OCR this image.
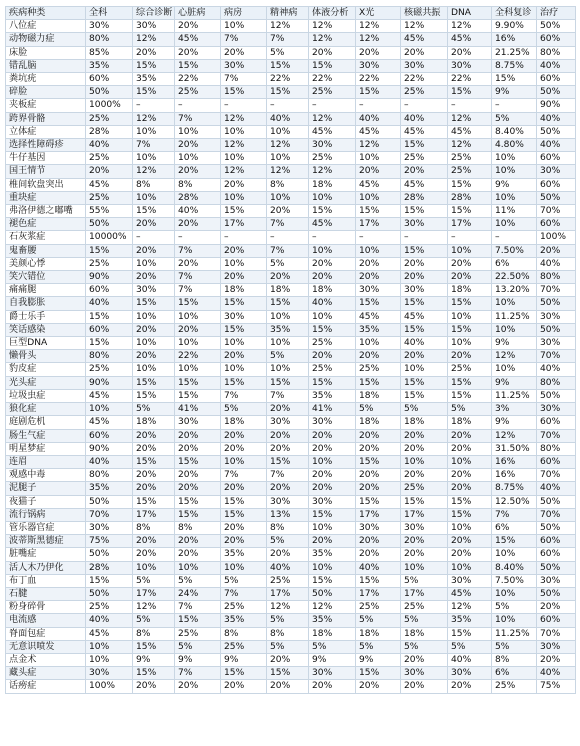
疾病种类	全科	综合诊断	心脏病	病房	精神病	体液分析	X光	核磁共振	DNA	全科复诊	治疗
八位症	30%	30%	20%	10%	12%	12%	12%	12%	12%	9.90%	50%
动物磁力症	80%	12%	45%	7%	7%	12%	12%	45%	45%	16%	60%
床脸	85%	20%	20%	20%	5%	20%	20%	20%	20%	21.25%	80%
错乱脑	35%	15%	15%	30%	15%	15%	30%	30%	30%	8.75%	40%
粪坑疣	60%	35%	22%	7%	22%	22%	22%	22%	22%	15%	60%
碎脸	50%	15%	25%	15%	15%	25%	15%	25%	15%	9%	50%
夹板症	1000%	–	–	–	–	–	–	–	–	–	90%
跨界骨骼	25%	12%	7%	12%	40%	12%	40%	40%	12%	5%	40%
立体症	28%	10%	10%	10%	10%	45%	45%	45%	45%	8.40%	50%
选择性障碍疹	40%	7%	20%	12%	12%	30%	12%	15%	12%	4.80%	40%
牛仔基因	25%	10%	10%	10%	10%	25%	10%	25%	25%	10%	60%
国王情节	20%	12%	20%	12%	12%	12%	20%	20%	25%	10%	30%
椎间软盘突出	45%	8%	8%	20%	8%	18%	45%	45%	15%	9%	60%
重块症	25%	10%	28%	10%	10%	10%	10%	28%	28%	10%	50%
弗洛伊德之嘟嘴	55%	15%	40%	15%	20%	15%	15%	15%	15%	11%	70%
褪色症	50%	20%	20%	17%	7%	45%	17%	30%	17%	10%	60%
石灰浆症	10000%	–	–	–	–	–	–	–	–	–	100%
鬼畜腰	15%	20%	7%	20%	7%	10%	10%	15%	10%	7.50%	20%
美颜心悸	25%	10%	20%	10%	5%	20%	20%	20%	20%	6%	40%
笑穴错位	90%	20%	7%	20%	20%	20%	20%	20%	20%	22.50%	80%
痛痛腿	60%	30%	7%	18%	18%	18%	30%	30%	18%	13.20%	70%
自我膨胀	40%	15%	15%	15%	15%	40%	15%	15%	15%	10%	50%
爵士乐手	15%	10%	10%	30%	10%	10%	45%	45%	10%	11.25%	30%
笑话感染	60%	20%	20%	15%	35%	15%	35%	15%	15%	10%	50%
巨型DNA	15%	10%	10%	10%	10%	25%	10%	40%	10%	9%	30%
懒骨头	80%	20%	22%	20%	5%	20%	20%	20%	20%	12%	70%
豹皮症	25%	10%	10%	10%	10%	25%	25%	10%	25%	10%	40%
光头症	90%	15%	15%	15%	15%	15%	15%	15%	15%	9%	80%
垃圾虫症	45%	15%	15%	7%	7%	35%	18%	15%	15%	11.25%	50%
狼化症	10%	5%	41%	5%	20%	41%	5%	5%	5%	3%	30%
庭剧危机	45%	18%	30%	18%	30%	30%	18%	18%	18%	9%	60%
肠生气症	60%	20%	20%	20%	20%	20%	20%	20%	20%	12%	70%
明星梦症	90%	20%	20%	20%	20%	20%	20%	20%	20%	31.50%	80%
连眉	40%	15%	15%	10%	15%	10%	15%	10%	10%	16%	60%
观感中毒	80%	20%	20%	7%	7%	20%	20%	20%	20%	16%	70%
泥腿子	35%	20%	20%	20%	20%	20%	20%	25%	20%	8.75%	40%
夜猫子	50%	15%	15%	15%	30%	30%	15%	15%	15%	12.50%	50%
流行锅病	70%	17%	15%	15%	13%	15%	17%	17%	15%	7%	70%
管乐器官症	30%	8%	8%	20%	8%	10%	30%	30%	10%	6%	50%
波蒂斯黑德症	75%	20%	20%	20%	5%	20%	20%	20%	20%	15%	60%
脏嘴症	50%	20%	20%	35%	20%	35%	20%	20%	20%	10%	60%
活人木乃伊化	28%	10%	10%	10%	40%	10%	40%	10%	10%	8.40%	50%
布丁血	15%	5%	5%	5%	25%	15%	15%	5%	30%	7.50%	30%
石腱	50%	17%	24%	7%	17%	50%	17%	17%	45%	10%	50%
粉身碎骨	25%	12%	7%	25%	12%	12%	25%	25%	12%	5%	20%
电流感	40%	5%	15%	35%	5%	35%	5%	5%	35%	10%	60%
脊面包症	45%	8%	25%	8%	8%	18%	18%	18%	15%	11.25%	70%
无意识喷发	10%	15%	5%	25%	5%	5%	5%	5%	5%	5%	30%
点金术	10%	9%	9%	9%	20%	9%	9%	20%	40%	8%	20%
藏头症	30%	15%	7%	15%	15%	30%	15%	30%	30%	6%	40%
话痨症	100%	20%	20%	20%	20%	20%	20%	20%	20%	25%	75%
